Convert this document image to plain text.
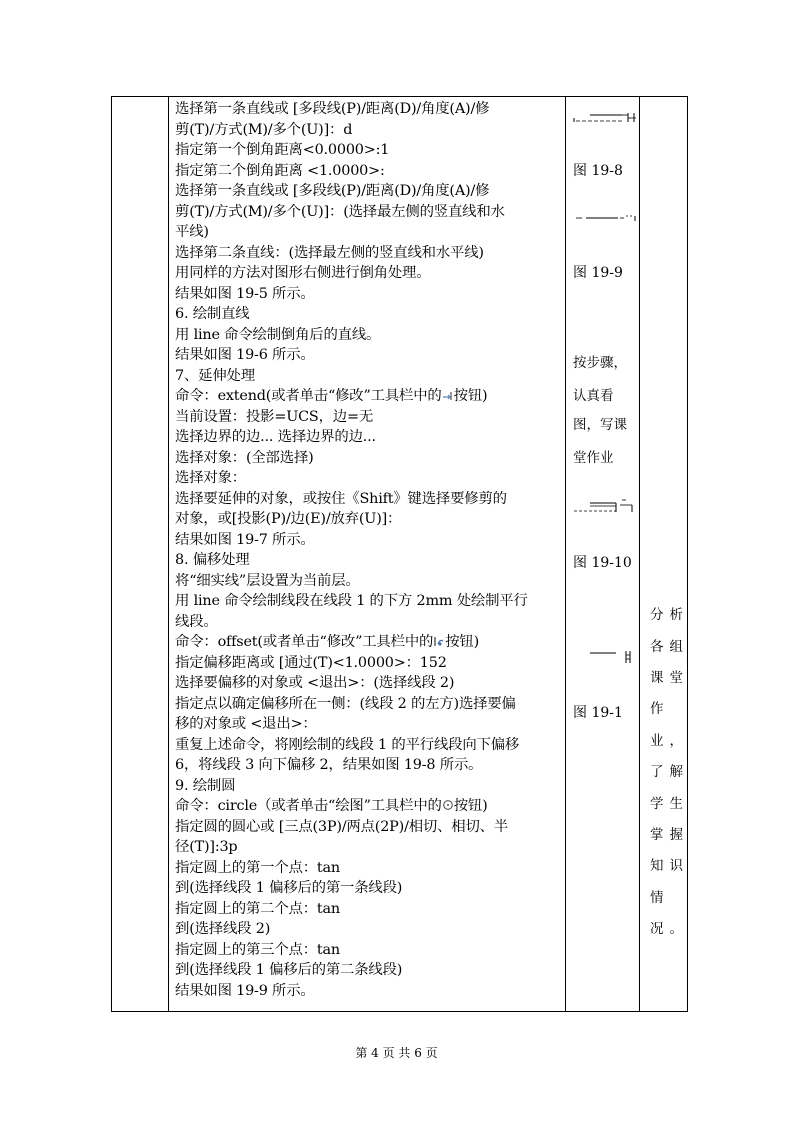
选择第一条直线或 [多段线(P)/距离(D)/角度(A)/修
剪(T)/方式(M)/多个(U)]：d
指定第一个倒角距离<0.0000>:1
指定第二个倒角距离 <1.0000>:
选择第一条直线或 [多段线(P)/距离(D)/角度(A)/修
剪(T)/方式(M)/多个(U)]：(选择最左侧的竖直线和水
平线)
选择第二条直线：(选择最左侧的竖直线和水平线)
用同样的方法对图形右侧进行倒角处理。
结果如图 19-5 所示。
6. 绘制直线
用 line 命令绘制倒角后的直线。
结果如图 19-6 所示。
7、延伸处理
命令：extend(或者单击“修改”工具栏中的 按钮)
当前设置：投影=UCS，边=无
选择边界的边... 选择边界的边...
选择对象：(全部选择)
选择对象：
选择要延伸的对象，或按住《Shift》键选择要修剪的
对象，或[投影(P)/边(E)/放弃(U)]：
结果如图 19-7 所示。
8. 偏移处理
将“细实线”层设置为当前层。
用 line 命令绘制线段在线段 1 的下方 2mm 处绘制平行
线段。
命令：offset(或者单击“修改”工具栏中的 按钮)
指定偏移距离或 [通过(T)<1.0000>：152
选择要偏移的对象或 <退出>：(选择线段 2)
指定点以确定偏移所在一侧：(线段 2 的左方)选择要偏
移的对象或 <退出>：
重复上述命令，将刚绘制的线段 1 的平行线段向下偏移
6，将线段 3 向下偏移 2，结果如图 19-8 所示。
9. 绘制圆
命令：circle（或者单击“绘图”工具栏中的 按钮)
指定圆的圆心或 [三点(3P)/两点(2P)/相切、相切、半
径(T)]:3p
指定圆上的第一个点：tan
到(选择线段 1 偏移后的第一条线段)
指定圆上的第二个点：tan
到(选择线段 2)
指定圆上的第三个点：tan
到(选择线段 1 偏移后的第二条线段)
结果如图 19-9 所示。
图 19-8
图 19-9
按步骤，
认真看
图，写课
堂作业
图 19-10
图 19-1
分析
各组
课堂
作
业，
了解
学生
掌握
知识
情
况。
第 4 页 共 6 页
